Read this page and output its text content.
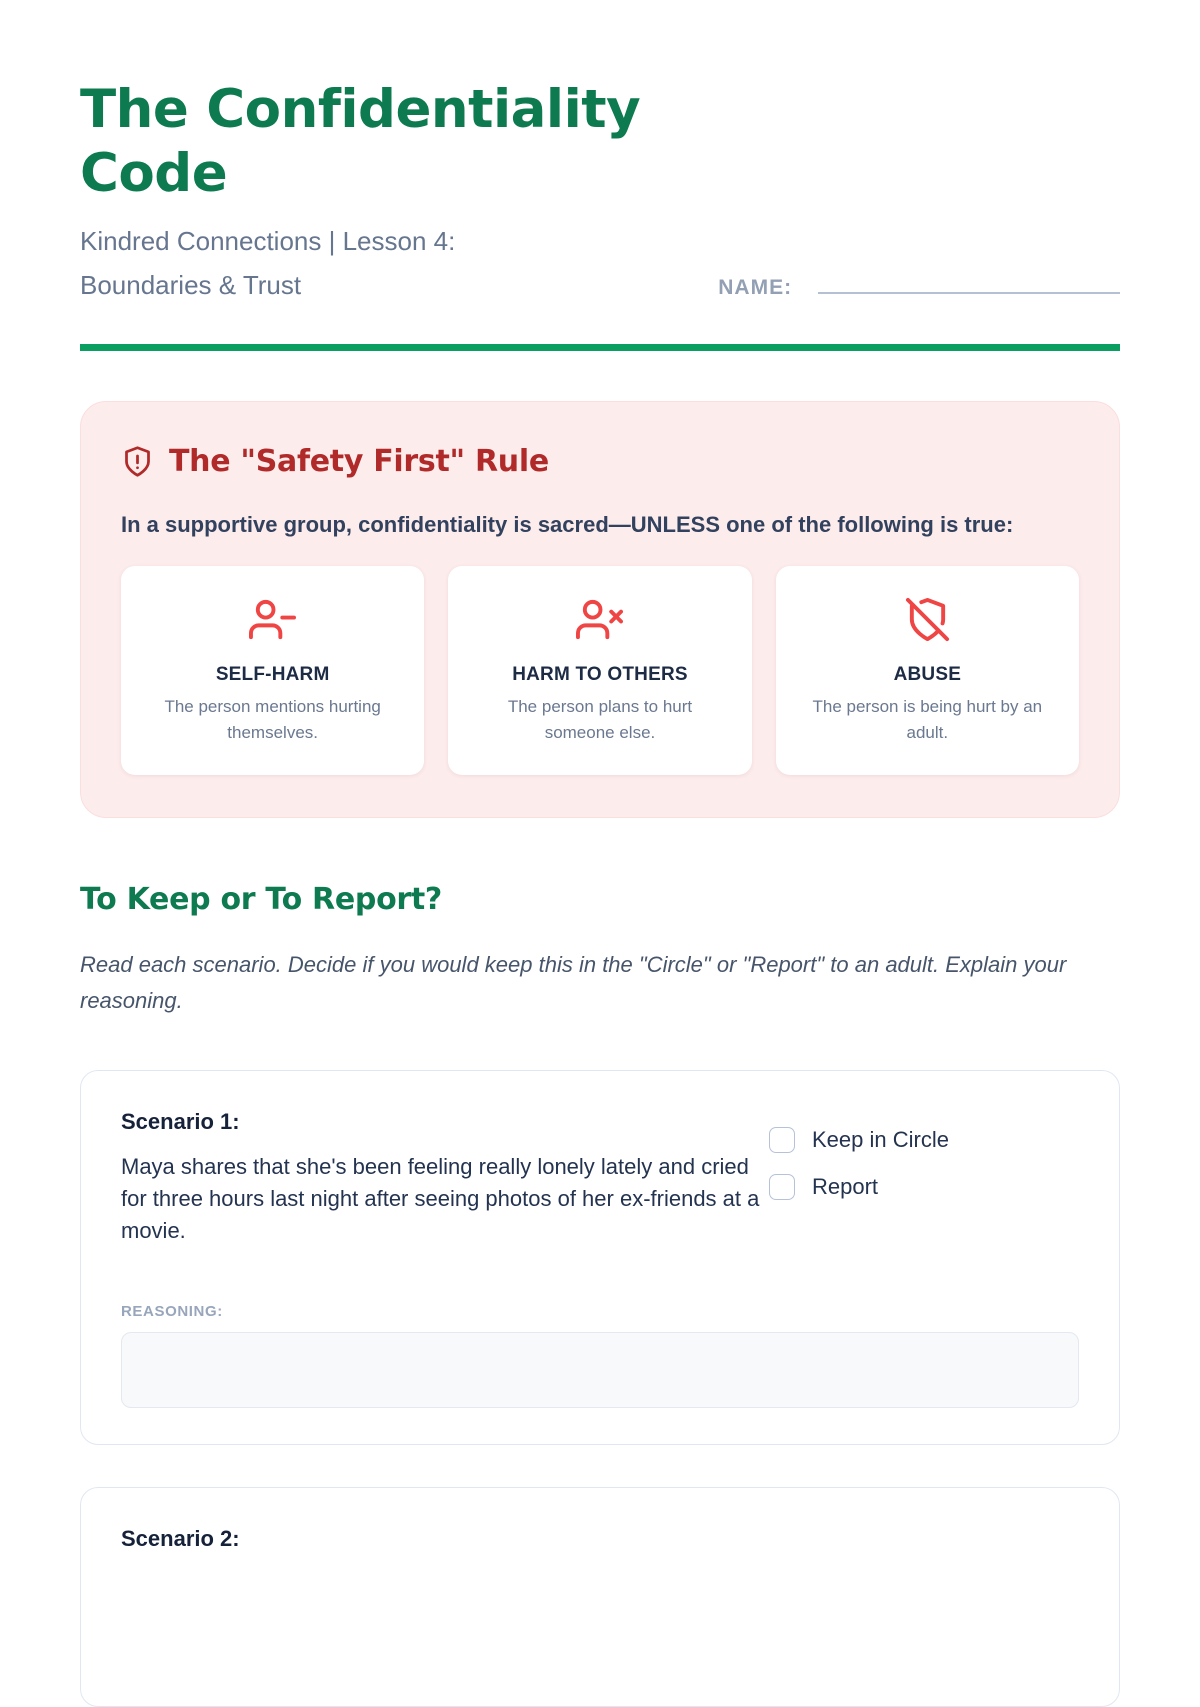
The Confidentiality Code
Kindred Connections | Lesson 4: Boundaries & Trust	NAME:
The "Safety First" Rule
In a supportive group, confidentiality is sacred—UNLESS one of the following is true:
SELF-HARM
The person mentions hurting themselves.
HARM TO OTHERS
The person plans to hurt someone else.
ABUSE
The person is being hurt by an adult.
To Keep or To Report?
Read each scenario. Decide if you would keep this in the "Circle" or "Report" to an adult. Explain your reasoning.
Scenario 1:
Maya shares that she's been feeling really lonely lately and cried for three hours last night after seeing photos of her ex-friends at a movie.
Keep in Circle
Report
REASONING:
Scenario 2:
